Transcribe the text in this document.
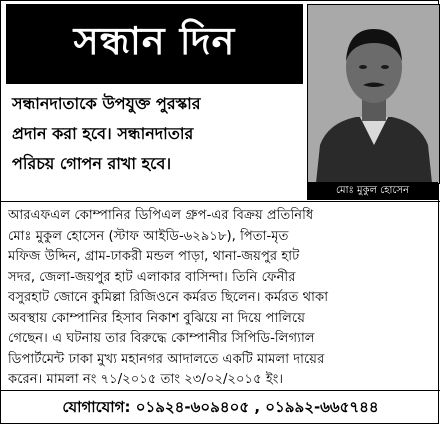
সন্ধান দিন
সন্ধানদাতাকে উপযুক্ত পুরস্কার
প্রদান করা হবে। সন্ধানদাতার
পরিচয় গোপন রাখা হবে।
মোঃ মুকুল হোসেন
আরএফএল কোম্পানির ডিপিএল গ্রুপ-এর বিক্রয় প্রতিনিধি
মোঃ মুকুল হোসেন (স্টাফ আইডি-৬২৯১৮), পিতা-মৃত
মফিজ উদ্দিন, গ্রাম-ঢাকরী মন্ডল পাড়া, থানা-জয়পুর হাট
সদর, জেলা-জয়পুর হাট এলাকার বাসিন্দা। তিনি ফেনীর
বসুরহাট জোনে কুমিল্লা রিজিওনে কর্মরত ছিলেন। কর্মরত থাকা
অবস্থায় কোম্পানির হিসাব নিকাশ বুঝিয়ে না দিয়ে পালিয়ে
গেছেন। এ ঘটনায় তার বিরুদ্ধে কোম্পানীর সিপিডি-লিগ্যাল
ডিপার্টমেন্ট ঢাকা মুখ্য মহানগর আদালতে একটি মামলা দায়ের
করেন। মামলা নং ৭১/২০১৫ তাং ২৩/০২/২০১৫ ইং।
যোগাযোগ: ০১৯২৪-৬০৯৪০৫ , ০১৯৯২-৬৬৫৭৪৪
